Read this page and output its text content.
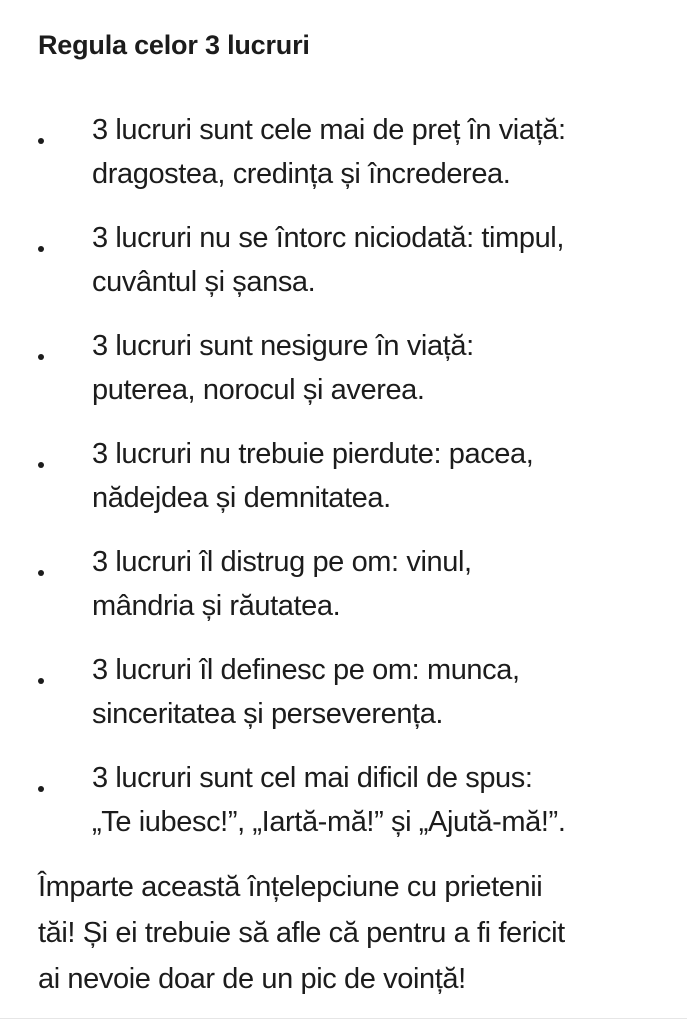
Regula celor 3 lucruri
3 lucruri sunt cele mai de preț în viață:
dragostea, credința și încrederea.
3 lucruri nu se întorc niciodată: timpul,
cuvântul și șansa.
3 lucruri sunt nesigure în viață:
puterea, norocul și averea.
3 lucruri nu trebuie pierdute: pacea,
nădejdea și demnitatea.
3 lucruri îl distrug pe om: vinul,
mândria și răutatea.
3 lucruri îl definesc pe om: munca,
sinceritatea și perseverența.
3 lucruri sunt cel mai dificil de spus:
„Te iubesc!”, „Iartă-mă!” și „Ajută-mă!”.
Împarte această înțelepciune cu prietenii
tăi! Și ei trebuie să afle că pentru a fi fericit
ai nevoie doar de un pic de voință!
